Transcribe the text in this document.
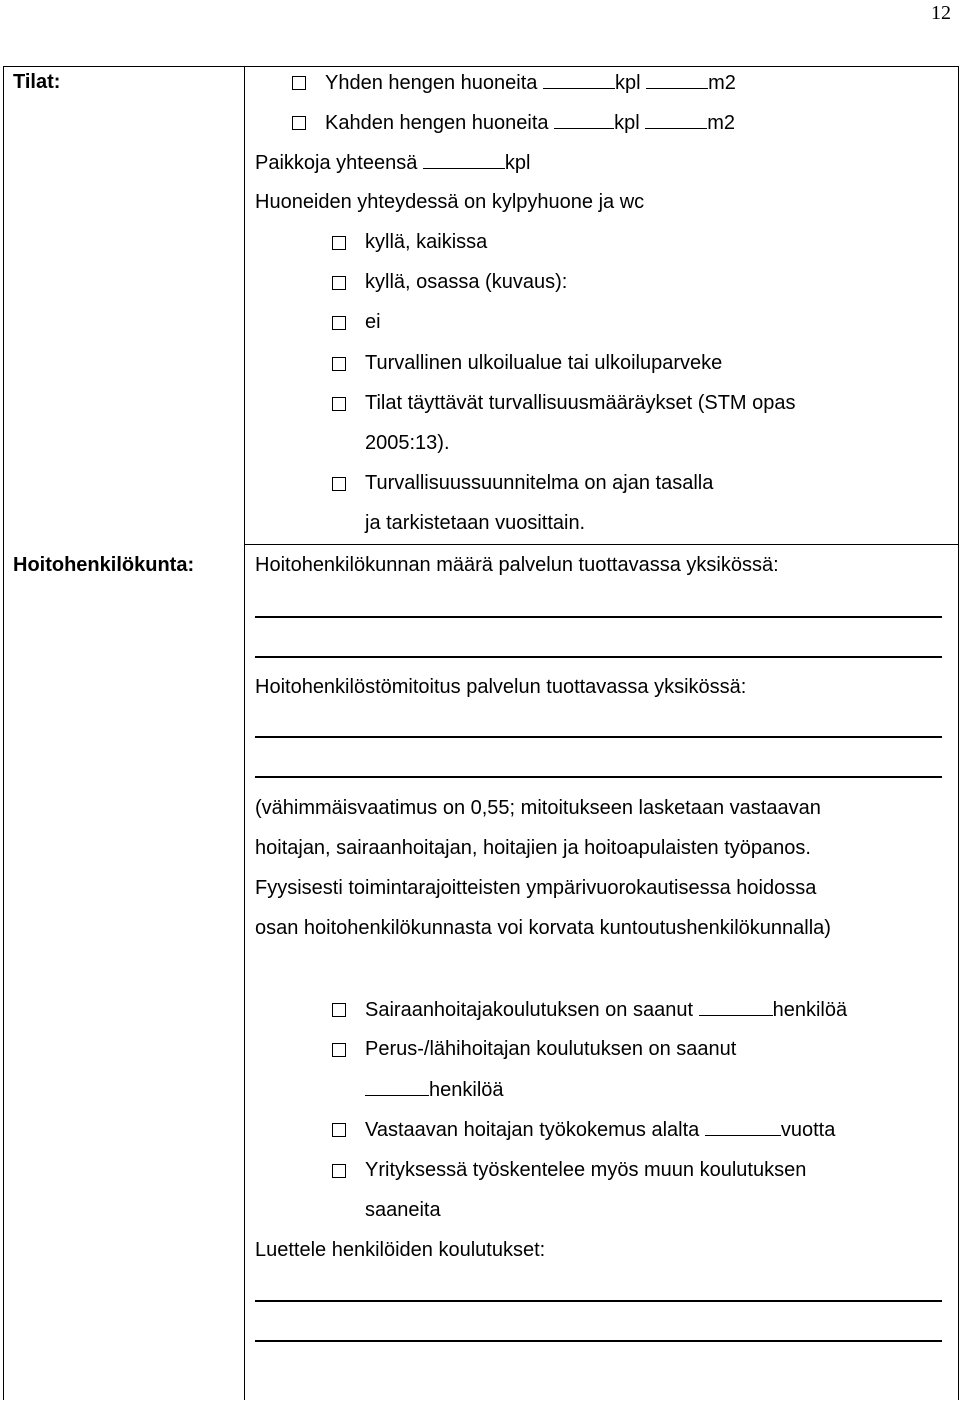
12
Tilat:	Yhden hengen huoneita	kpl	m2
Kahden hengen huoneita	kpl	m2
Paikkoja yhteensä	kpl
Huoneiden yhteydessä on kylpyhuone ja wc
kyllä, kaikissa
kyllä, osassa (kuvaus):
ei
Turvallinen ulkoilualue tai ulkoiluparveke
Tilat täyttävät turvallisuusmääräykset (STM opas
2005:13).
Turvallisuussuunnitelma on ajan tasalla
ja tarkistetaan vuosittain.
Hoitohenkilökunta:	Hoitohenkilökunnan määrä palvelun tuottavassa yksikössä:
Hoitohenkilöstömitoitus palvelun tuottavassa yksikössä:
(vähimmäisvaatimus on 0,55; mitoitukseen lasketaan vastaavan
hoitajan, sairaanhoitajan, hoitajien ja hoitoapulaisten työpanos.
Fyysisesti toimintarajoitteisten ympärivuorokautisessa hoidossa
osan hoitohenkilökunnasta voi korvata kuntoutushenkilökunnalla)
Sairaanhoitajakoulutuksen on saanut	henkilöä
Perus-/lähihoitajan koulutuksen on saanut
henkilöä
Vastaavan hoitajan työkokemus alalta	vuotta
Yrityksessä työskentelee myös muun koulutuksen
saaneita
Luettele henkilöiden koulutukset:
